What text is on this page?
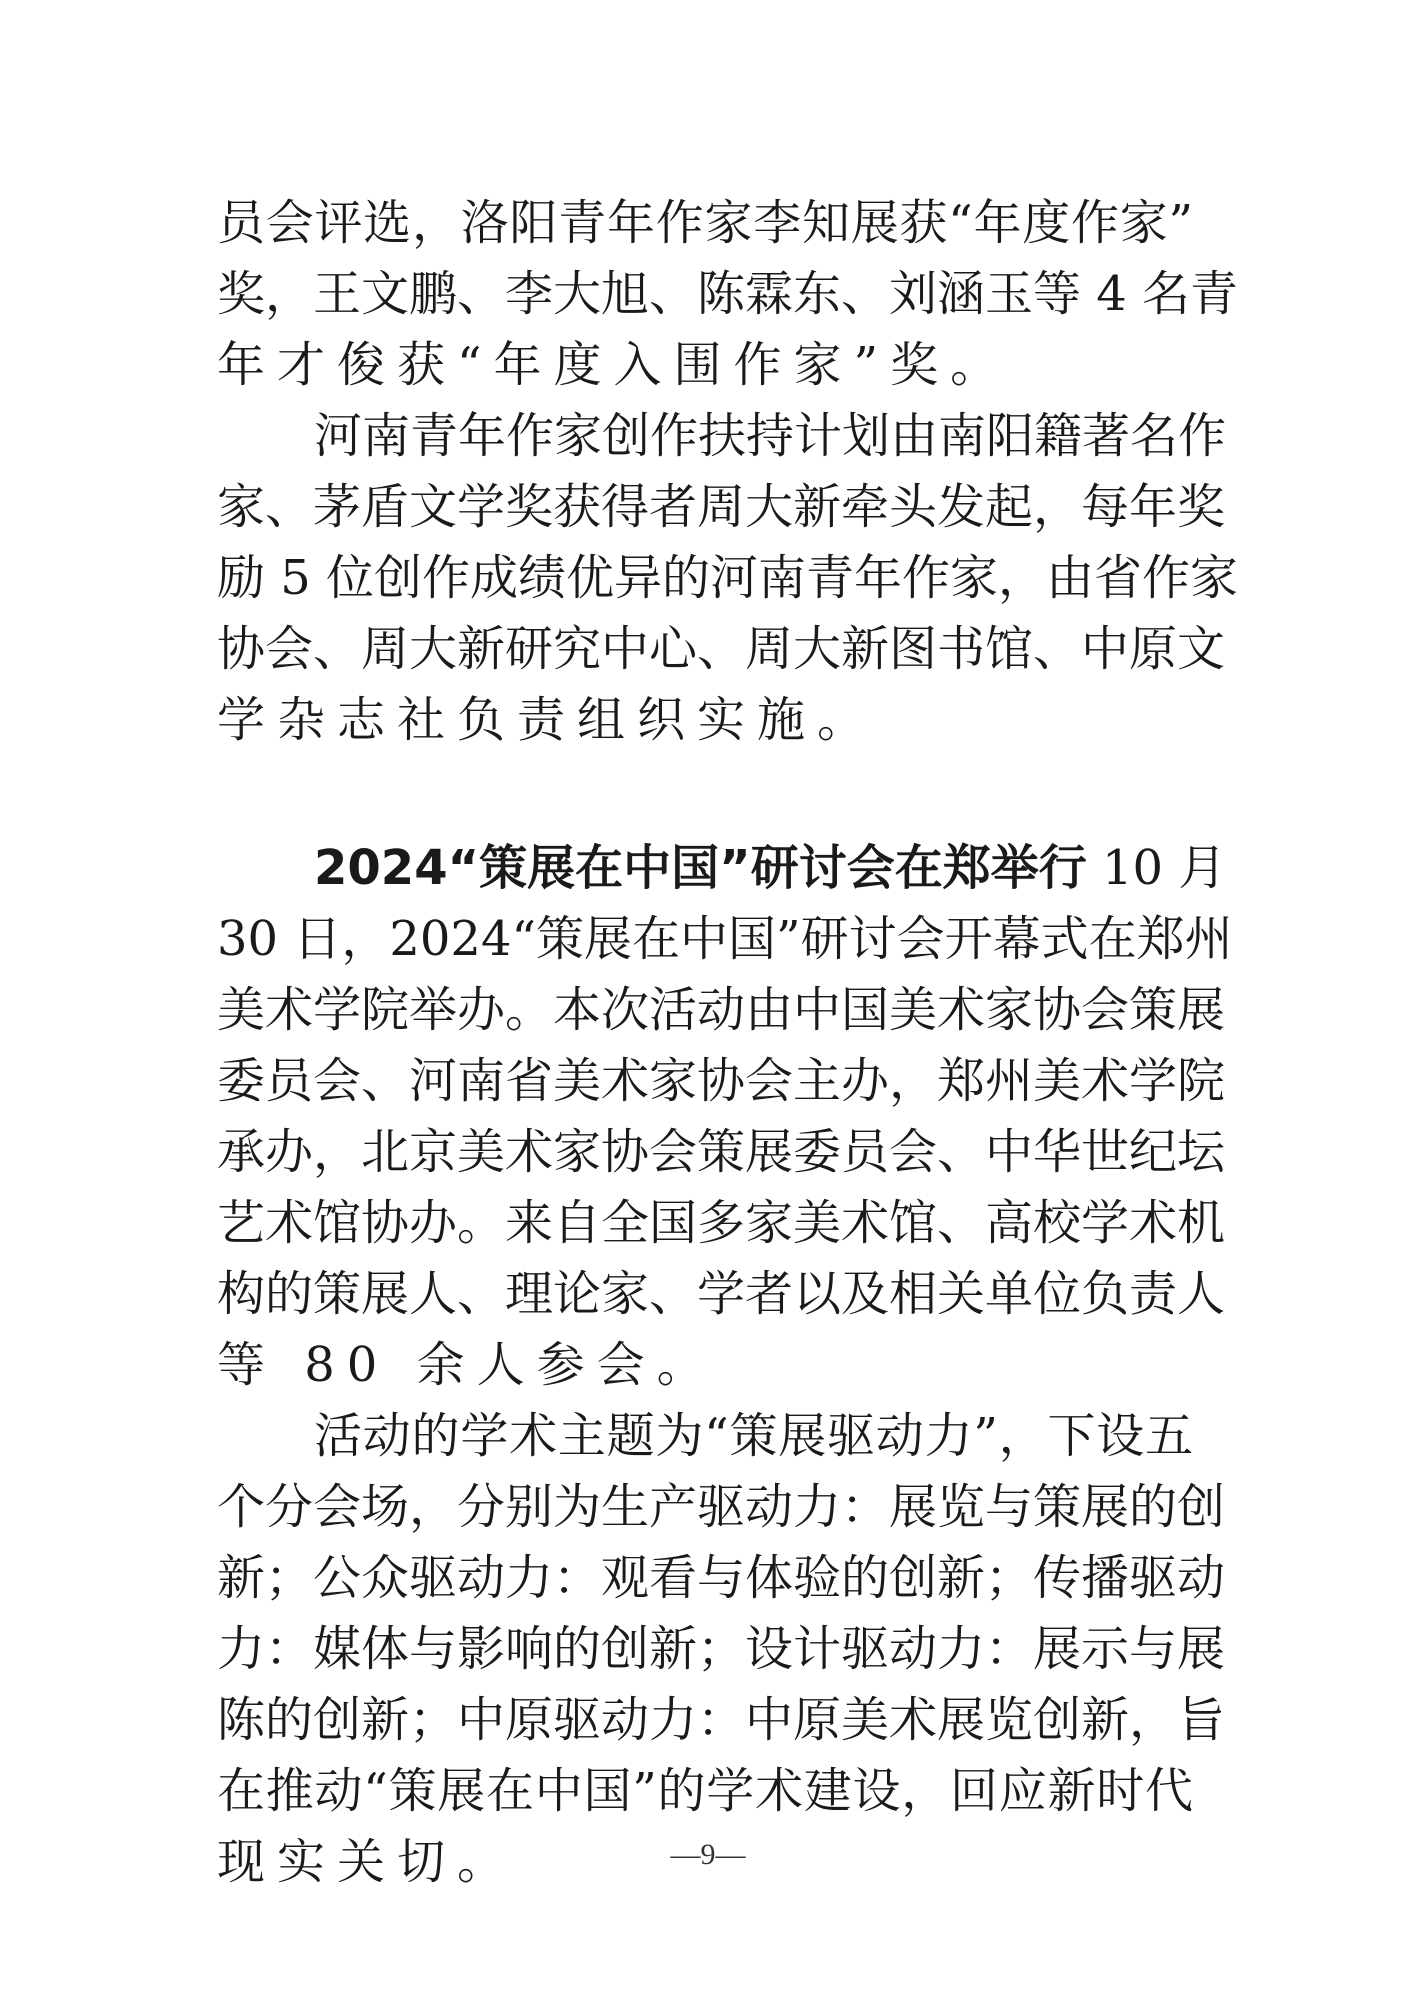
员会评选，洛阳青年作家李知展获“年度作家”
奖，王文鹏、李大旭、陈霖东、刘涵玉等 4 名青
年才俊获“年度入围作家”奖。
河南青年作家创作扶持计划由南阳籍著名作
家、茅盾文学奖获得者周大新牵头发起，每年奖
励 5 位创作成绩优异的河南青年作家，由省作家
协会、周大新研究中心、周大新图书馆、中原文
学杂志社负责组织实施。
2024“策展在中国”研讨会在郑举行 10 月
30 日，2024“策展在中国”研讨会开幕式在郑州
美术学院举办。本次活动由中国美术家协会策展
委员会、河南省美术家协会主办，郑州美术学院
承办，北京美术家协会策展委员会、中华世纪坛
艺术馆协办。来自全国多家美术馆、高校学术机
构的策展人、理论家、学者以及相关单位负责人
等 80 余人参会。
活动的学术主题为“策展驱动力”，下设五
个分会场，分别为生产驱动力：展览与策展的创
新；公众驱动力：观看与体验的创新；传播驱动
力：媒体与影响的创新；设计驱动力：展示与展
陈的创新；中原驱动力：中原美术展览创新，旨
在推动“策展在中国”的学术建设，回应新时代
现实关切。	—9—
